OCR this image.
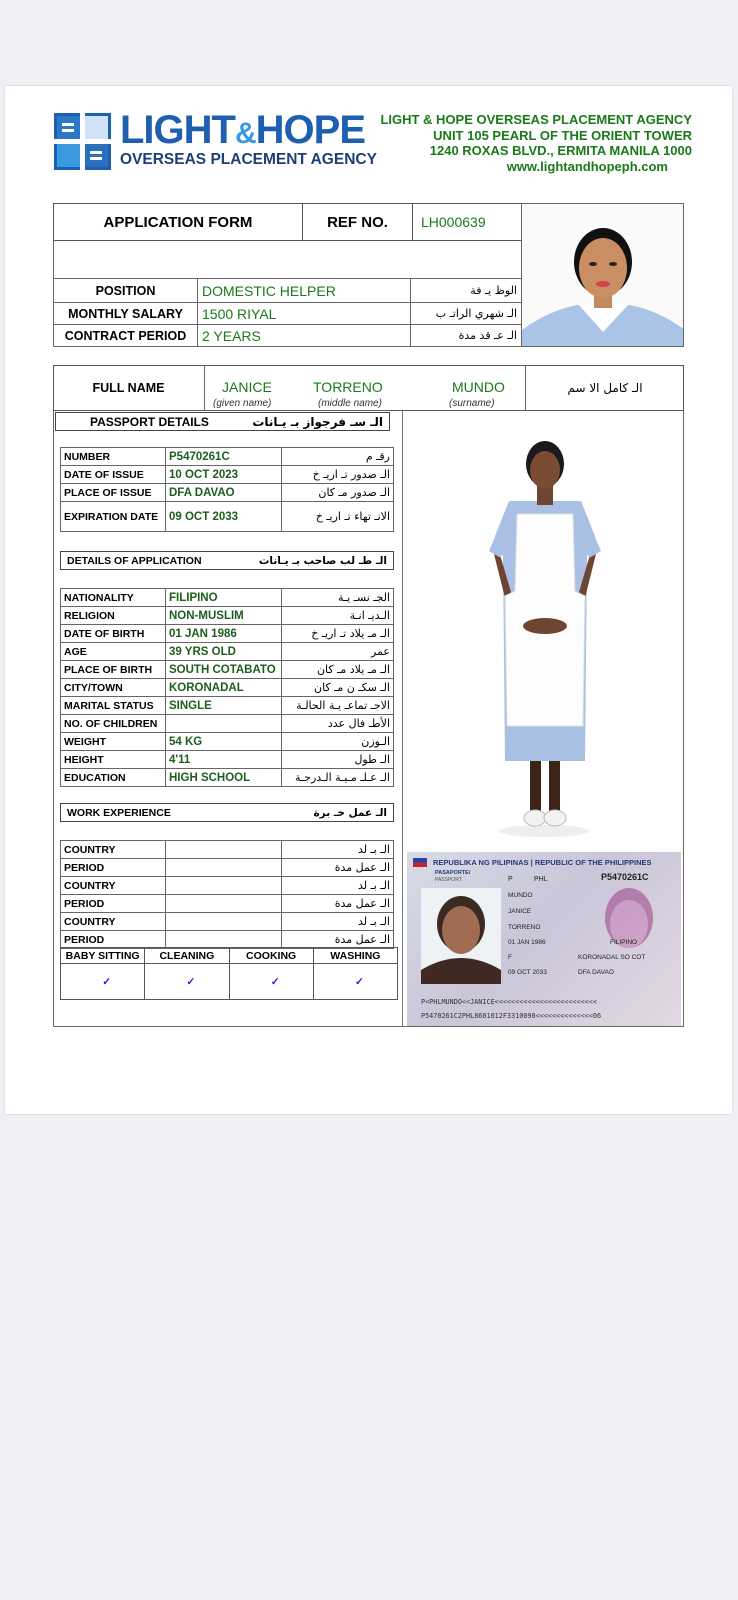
LIGHT&HOPE
OVERSEAS PLACEMENT AGENCY
LIGHT & HOPE OVERSEAS PLACEMENT AGENCY
UNIT 105 PEARL OF THE ORIENT TOWER
1240 ROXAS BLVD., ERMITA MANILA 1000
www.lightandhopeph.com
APPLICATION FORM	REF NO. LH000639
POSITION	DOMESTIC HELPER	الوظ يـ فة
MONTHLY SALARY	1500 RIYAL	الـ شهري الراتـ ب
CONTRACT PERIOD	2 YEARS	الـ عـ قد مدة
FULL NAME	الـ كامل الا سم
JANICE	TORRENO	MUNDO
(given name)	(middle name)	(surname)
PASSPORT DETAILS	الـ سـ فرجواز بـ يـانات
NUMBER	P5470261C	رقـ م
DATE OF ISSUE	10 OCT 2023	الـ صدور تـ اريـ خ
PLACE OF ISSUE	DFA DAVAO	الـ صدور مـ كان
EXPIRATION DATE	09 OCT 2033	الانـ تهاء تـ اريـ خ
DETAILS OF APPLICATION	الـ طـ لب صاحب بـ يـانات
NATIONALITY	FILIPINO	الجـ نسـ يـة
RELIGION	NON-MUSLIM	الـديـ انـة
DATE OF BIRTH	01 JAN 1986	الـ مـ يلاد تـ اريـ خ
AGE	39 YRS OLD	عمر
PLACE OF BIRTH	SOUTH COTABATO	الـ مـ يلاد مـ كان
CITY/TOWN	KORONADAL	الـ سكـ ن مـ كان
MARITAL STATUS	SINGLE	الاجـ تماعـ يـة الحالـة
NO. OF CHILDREN		الأطـ فال عدد
WEIGHT	54 KG	الـوزن
HEIGHT	4'11	الـ طول
EDUCATION	HIGH SCHOOL	الـ عـلـ مـيـة الـدرجـة
WORK EXPERIENCE	الـ عمل خـ برة
COUNTRY		الـ بـ لد
PERIOD		الـ عمل مدة
COUNTRY		الـ بـ لد
PERIOD		الـ عمل مدة
COUNTRY		الـ بـ لد
PERIOD		الـ عمل مدة
BABY SITTING	CLEANING	COOKING	WASHING
✓	✓	✓	✓
REPUBLIKA NG PILIPINAS | REPUBLIC OF THE PHILIPPINES
PASAPORTE/
PASSPORT	P	PHL	P5470261C
MUNDO
JANICE
TORRENO
01 JAN 1986	FILIPINO
F	KORONADAL SO COT
09 OCT 2033	DFA DAVAO
P<PHLMUNDO<<JANICE<<<<<<<<<<<<<<<<<<<<<<<<<
P5470261C2PHL8601012F3310090<<<<<<<<<<<<<<06
